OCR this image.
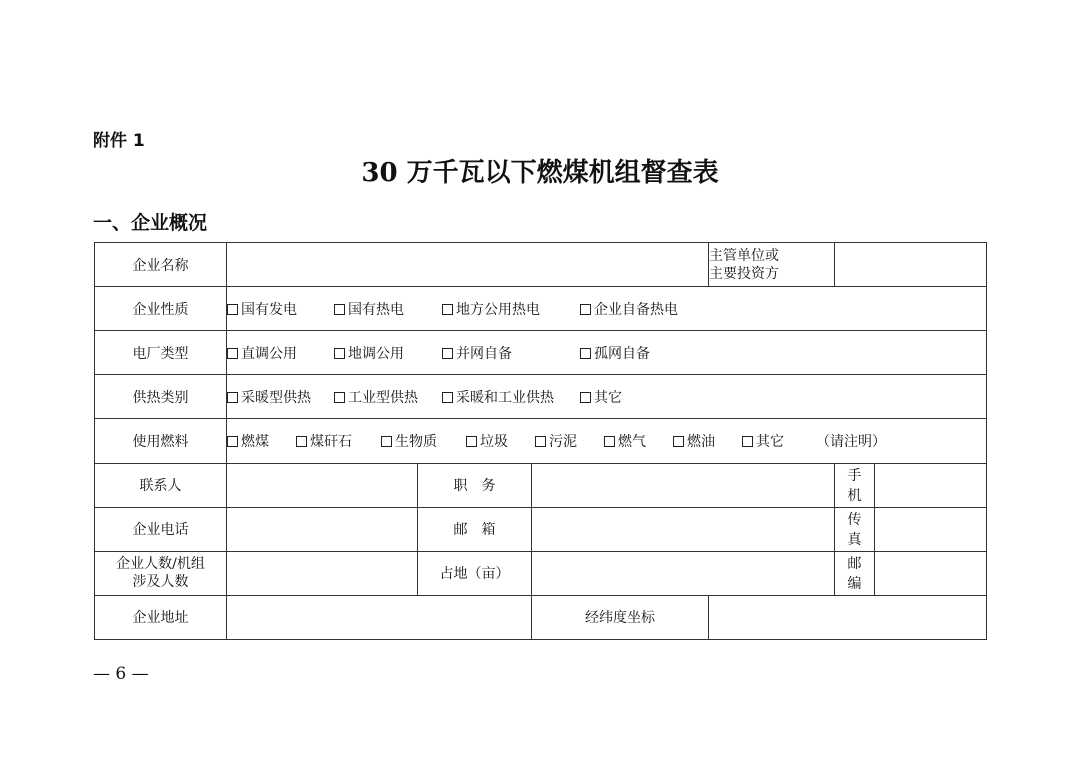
附件 1
30 万千瓦以下燃煤机组督查表
一、企业概况
企业名称				主管单位或
主要投资方		

企业性质	国有发电 国有热电 地方公用热电 企业自备热电					
电厂类型	直调公用 地调公用 并网自备 孤网自备					
供热类别	采暖型供热 工业型供热 采暖和工业供热 其它					
使用燃料	燃煤 煤矸石 生物质 垃圾 污泥 燃气 燃油 其它 （请注明）					
联系人		职　务			手　机	
企业电话		邮　箱			传　真	

企业人数/机组
涉及人数		占地（亩）			邮　编	
企业地址			经纬度坐标			
— 6 —
